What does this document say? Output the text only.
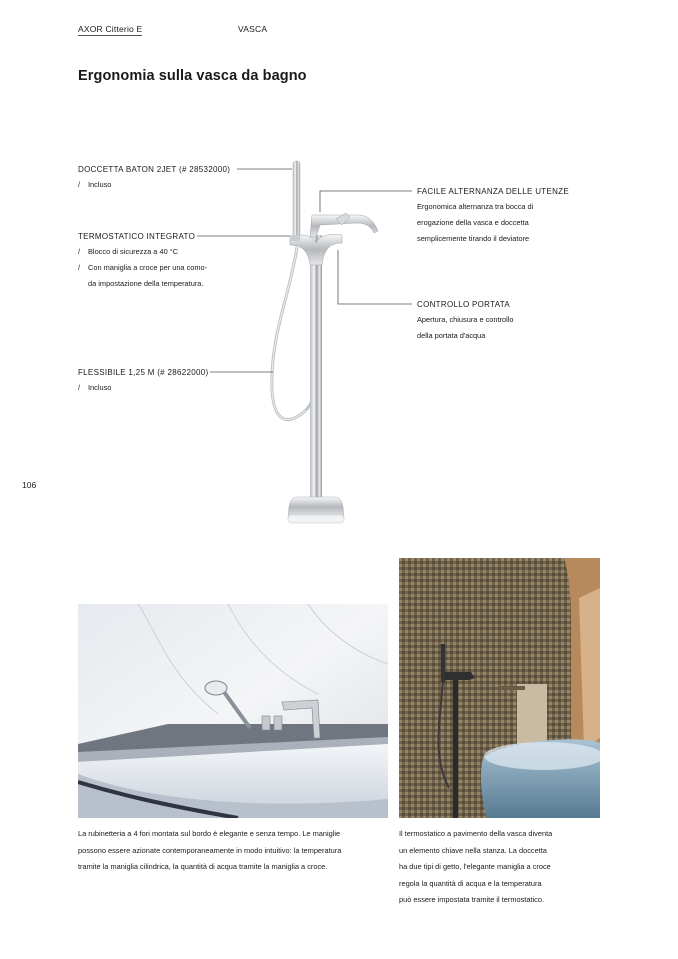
AXOR Citterio E	VASCA
Ergonomia sulla vasca da bagno
DOCCETTA BATON 2JET (# 28532000)
/ Incluso
TERMOSTATICO INTEGRATO
/ Blocco di sicurezza a 40 °C
/ Con maniglia a croce per una como-
da impostazione della temperatura.
FLESSIBILE 1,25 M (# 28622000)
/ Incluso
FACILE ALTERNANZA DELLE UTENZE
Ergonomica alternanza tra bocca di
erogazione della vasca e doccetta
semplicemente tirando il deviatore
CONTROLLO PORTATA
Apertura, chiusura e controllo
della portata d'acqua
106
La rubinetteria a 4 fori montata sul bordo è elegante e senza tempo. Le maniglie
possono essere azionate contemporaneamente in modo intuitivo: la temperatura
tramite la maniglia cilindrica, la quantità di acqua tramite la maniglia a croce.
Il termostatico a pavimento della vasca diventa
un elemento chiave nella stanza. La doccetta
ha due tipi di getto, l'elegante maniglia a croce
regola la quantità di acqua e la temperatura
può essere impostata tramite il termostatico.
